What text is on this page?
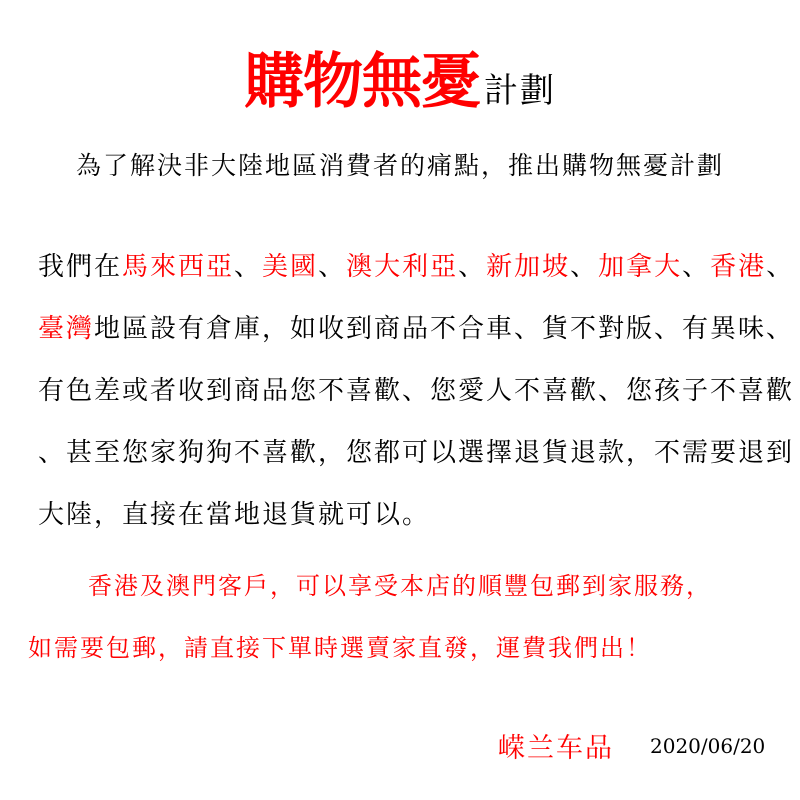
購物無憂 計劃
為了解決非大陸地區消費者的痛點，推出購物無憂計劃
我們在馬來西亞、美國、澳大利亞、新加坡、加拿大、香港、
臺灣地區設有倉庫，如收到商品不合車、貨不對版、有異味、
有色差或者收到商品您不喜歡、您愛人不喜歡、您孩子不喜歡
、甚至您家狗狗不喜歡，您都可以選擇退貨退款，不需要退到
大陸，直接在當地退貨就可以。
香港及澳門客戶，可以享受本店的順豐包郵到家服務，
如需要包郵，請直接下單時選賣家直發，運費我們出！
嵘兰车品 2020/06/20
